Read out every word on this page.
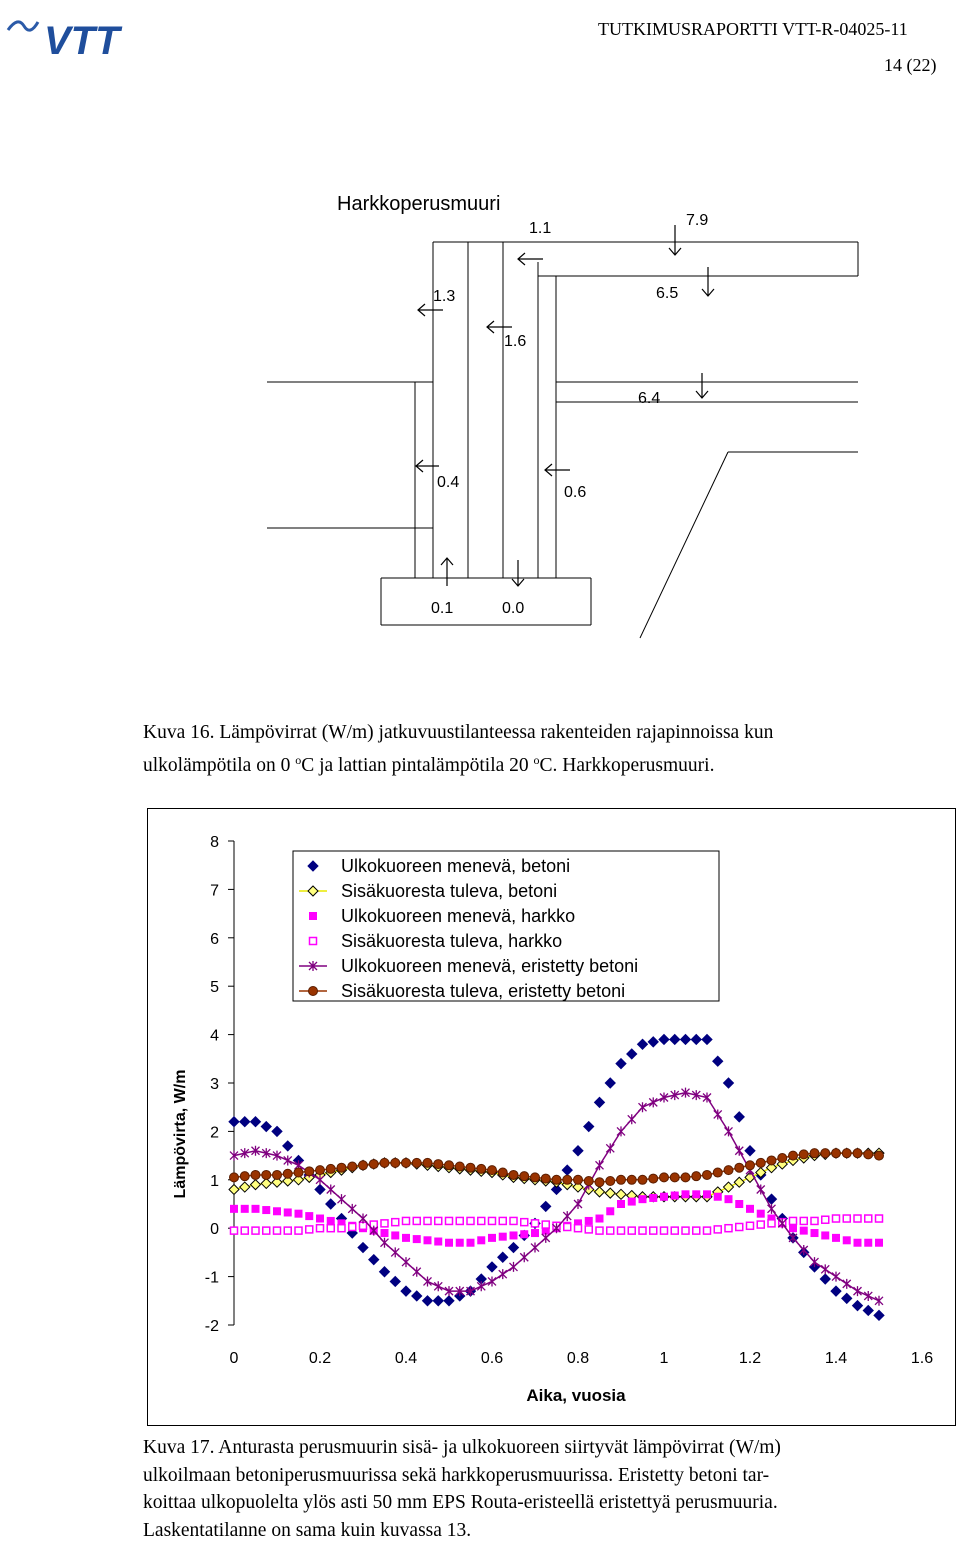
VTT	TUTKIMUSRAPORTTI VTT-R-04025-11
14 (22)
Harkkoperusmuuri
1.1	7.9
1.3	6.5
1.6
6.4
0.4
0.6
0.1	0.0
Kuva 16. Lämpövirrat (W/m) jatkuvuustilanteessa rakenteiden rajapinnoissa kun
ulkolämpötila on 0 $^o$C ja lattian pintalämpötila 20 $^o$C. Harkkoperusmuuri.
8
7
6
5
4
3
2
1
0
-1
-2
0	0.2	0.4	0.6	0.8	1	1.2	1.4	1.6
Ulkokuoreen menevä, betoni
Sisäkuoresta tuleva, betoni
Ulkokuoreen menevä, harkko
Sisäkuoresta tuleva, harkko
Ulkokuoreen menevä, eristetty betoni
Sisäkuoresta tuleva, eristetty betoni
Lämpövirta, W/m
Aika, vuosia
Kuva 17. Anturasta perusmuurin sisä- ja ulkokuoreen siirtyvät lämpövirrat (W/m)
ulkoilmaan betoniperusmuurissa sekä harkkoperusmuurissa. Eristetty betoni tar-
koittaa ulkopuolelta ylös asti 50 mm EPS Routa-eristeellä eristettyä perusmuuria.
Laskentatilanne on sama kuin kuvassa 13.
